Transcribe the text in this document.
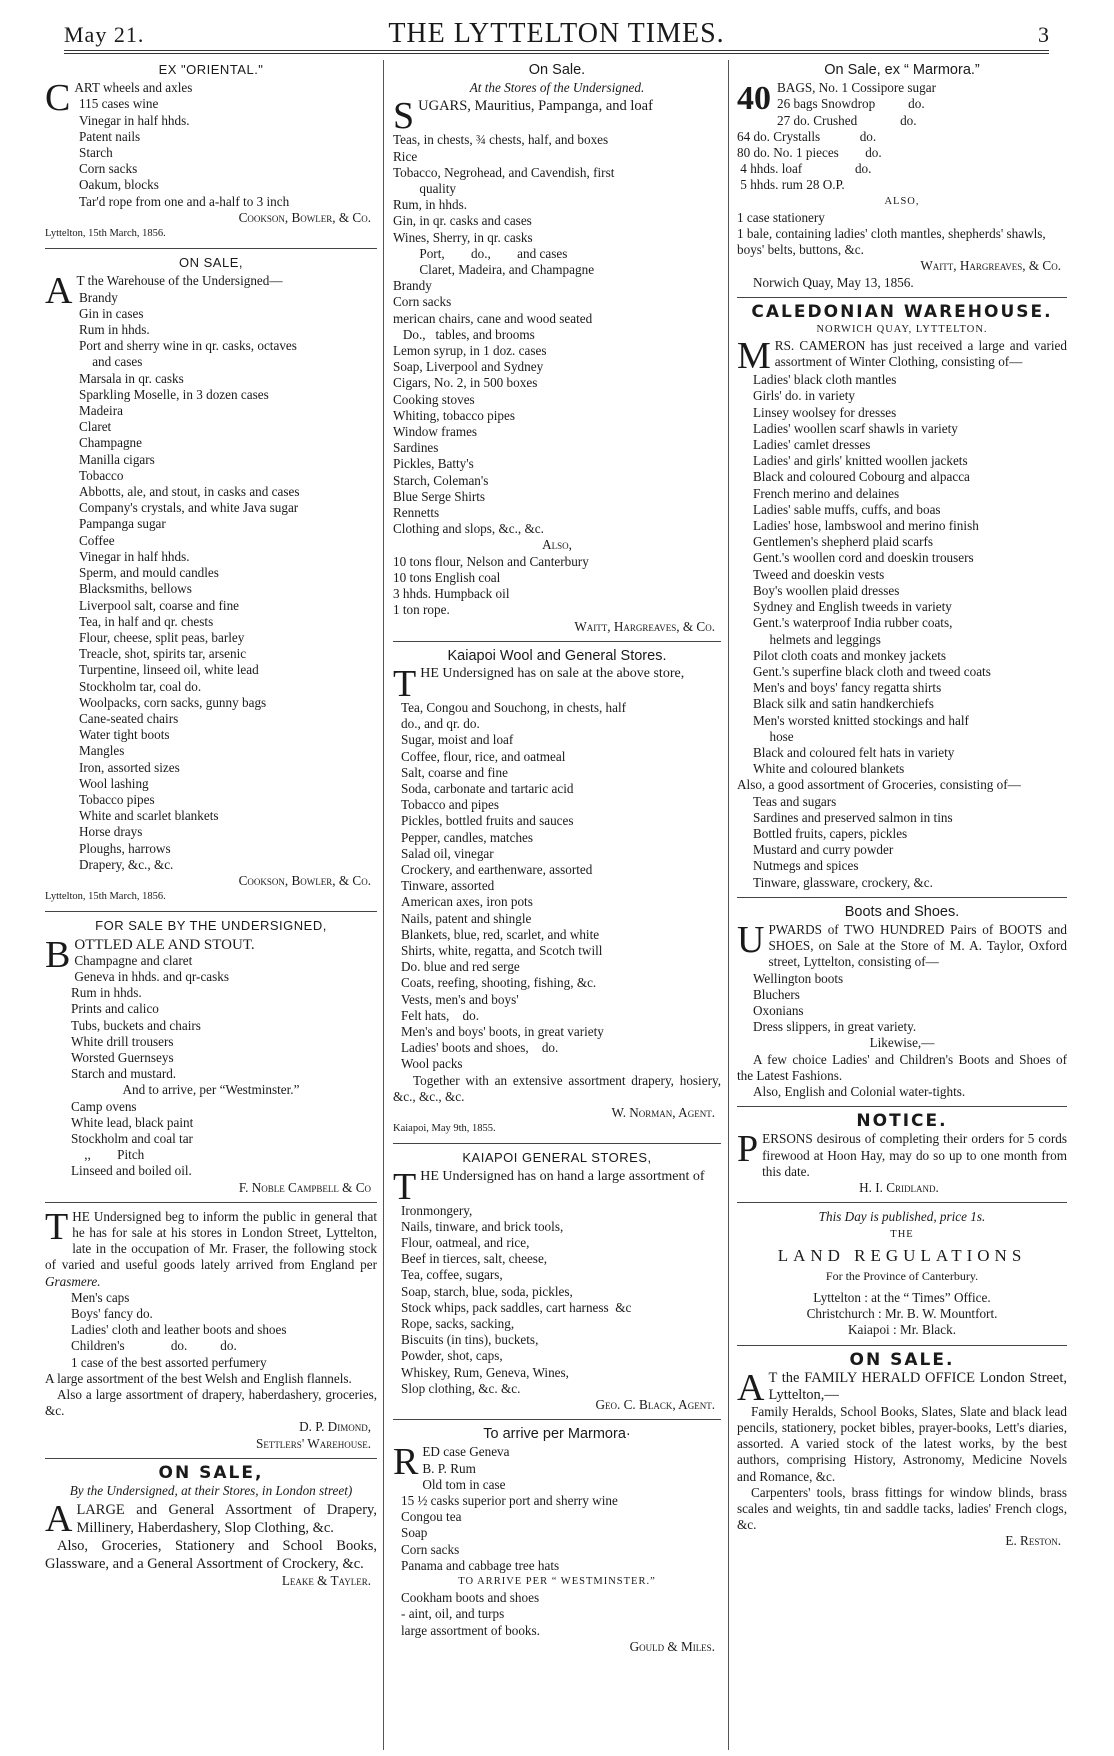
May 21.	THE LYTTELTON TIMES.	3
EX "ORIENTAL."
C ART wheels and axles
115 cases wine
Vinegar in half hhds.
Patent nails
Starch
Corn sacks
Oakum, blocks
Tar'd rope from one and a-half to 3 inch
Cookson, Bowler, & Co.
Lyttelton, 15th March, 1856.
ON SALE,
A T the Warehouse of the Undersigned—
Brandy
Gin in cases
Rum in hhds.
Port and sherry wine in qr. casks, octaves
and cases
Marsala in qr. casks
Sparkling Moselle, in 3 dozen cases
Madeira
Claret
Champagne
Manilla cigars
Tobacco
Abbotts, ale, and stout, in casks and cases
Company's crystals, and white Java sugar
Pampanga sugar
Coffee
Vinegar in half hhds.
Sperm, and mould candles
Blacksmiths, bellows
Liverpool salt, coarse and fine
Tea, in half and qr. chests
Flour, cheese, split peas, barley
Treacle, shot, spirits tar, arsenic
Turpentine, linseed oil, white lead
Stockholm tar, coal do.
Woolpacks, corn sacks, gunny bags
Cane-seated chairs
Water tight boots
Mangles
Iron, assorted sizes
Wool lashing
Tobacco pipes
White and scarlet blankets
Horse drays
Ploughs, harrows
Drapery, &c., &c.
Cookson, Bowler, & Co.
Lyttelton, 15th March, 1856.
FOR SALE BY THE UNDERSIGNED,
B OTTLED ALE AND STOUT.
Champagne and claret
Geneva in hhds. and qr-casks
Rum in hhds.
Prints and calico
Tubs, buckets and chairs
White drill trousers
Worsted Guernseys
Starch and mustard.
And to arrive, per “Westminster.”
Camp ovens
White lead, black paint
Stockholm and coal tar
,,        Pitch
Linseed and boiled oil.
F. Noble Campbell & Co

THE Undersigned beg to inform the public in general that he has for sale at his stores in London Street, Lyttelton, late in the occupation of Mr. Fraser, the following stock of varied and useful goods lately arrived from England per Grasmere.

Men's caps
Boys' fancy do.
Ladies' cloth and leather boots and shoes
Children's              do.          do.
1 case of the best assorted perfumery

A large assortment of the best Welsh and English flannels.

Also a large assortment of drapery, haberdashery, groceries, &c.

D. P. Dimond,
Settlers' Warehouse.
ON SALE,
By the Undersigned, at their Stores, in London street)

ALARGE and General Assortment of Drapery, Millinery, Haberdashery, Slop Clothing, &c.

Also, Groceries, Stationery and School Books, Glassware, and a General Assortment of Crockery, &c.

Leake & Tayler.
On Sale.
At the Stores of the Undersigned.

SUGARS, Mauritius, Pampanga, and loaf

Teas, in chests, ¾ chests, half, and boxes
Rice
Tobacco, Negrohead, and Cavendish, first
quality
Rum, in hhds.
Gin, in qr. casks and cases
Wines, Sherry, in qr. casks
Port,        do.,        and cases
Claret, Madeira, and Champagne
Brandy
Corn sacks
merican chairs, cane and wood seated
Do.,   tables, and brooms
Lemon syrup, in 1 doz. cases
Soap, Liverpool and Sydney
Cigars, No. 2, in 500 boxes
Cooking stoves
Whiting, tobacco pipes
Window frames
Sardines
Pickles, Batty's
Starch, Coleman's
Blue Serge Shirts
Rennetts
Clothing and slops, &c., &c.
Also,
10 tons flour, Nelson and Canterbury
10 tons English coal
3 hhds. Humpback oil
1 ton rope.
Waitt, Hargreaves, & Co.
Kaiapoi Wool and General Stores.

THE Undersigned has on sale at the above store,

Tea, Congou and Souchong, in chests, half
do., and qr. do.
Sugar, moist and loaf
Coffee, flour, rice, and oatmeal
Salt, coarse and fine
Soda, carbonate and tartaric acid
Tobacco and pipes
Pickles, bottled fruits and sauces
Pepper, candles, matches
Salad oil, vinegar
Crockery, and earthenware, assorted
Tinware, assorted
American axes, iron pots
Nails, patent and shingle
Blankets, blue, red, scarlet, and white
Shirts, white, regatta, and Scotch twill
Do. blue and red serge
Coats, reefing, shooting, fishing, &c.
Vests, men's and boys'
Felt hats,    do.
Men's and boys' boots, in great variety
Ladies' boots and shoes,    do.
Wool packs

Together with an extensive assortment drapery, hosiery, &c., &c., &c.

W. Norman, Agent.
Kaiapoi, May 9th, 1855.
KAIAPOI GENERAL STORES,

THE Undersigned has on hand a large assortment of

Ironmongery,
Nails, tinware, and brick tools,
Flour, oatmeal, and rice,
Beef in tierces, salt, cheese,
Tea, coffee, sugars,
Soap, starch, blue, soda, pickles,
Stock whips, pack saddles, cart harness  &c
Rope, sacks, sacking,
Biscuits (in tins), buckets,
Powder, shot, caps,
Whiskey, Rum, Geneva, Wines,
Slop clothing, &c. &c.
Geo. C. Black, Agent.
To arrive per Marmora·
R ED case Geneva
B. P. Rum
Old tom in case
15 ½ casks superior port and sherry wine
Congou tea
Soap
Corn sacks
Panama and cabbage tree hats
TO ARRIVE PER “ WESTMINSTER.”
Cookham boots and shoes
- aint, oil, and turps
large assortment of books.
Gould & Miles.
On Sale, ex “ Marmora.”
40 BAGS, No. 1 Cossipore sugar
26 bags Snowdrop          do.
27 do. Crushed             do.
64 do. Crystalls            do.
80 do. No. 1 pieces        do.
4 hhds. loaf                do.
5 hhds. rum 28 O.P.
ALSO,
1 case stationery
1 bale, containing ladies' cloth mantles, shepherds' shawls, boys' belts, buttons, &c.
Waitt, Hargreaves, & Co.
Norwich Quay, May 13, 1856.
CALEDONIAN WAREHOUSE.
NORWICH QUAY, LYTTELTON.

MRS. CAMERON has just received a large and varied assortment of Winter Clothing, consisting of—

Ladies' black cloth mantles
Girls' do. in variety
Linsey woolsey for dresses
Ladies' woollen scarf shawls in variety
Ladies' camlet dresses
Ladies' and girls' knitted woollen jackets
Black and coloured Cobourg and alpacca
French merino and delaines
Ladies' sable muffs, cuffs, and boas
Ladies' hose, lambswool and merino finish
Gentlemen's shepherd plaid scarfs
Gent.'s woollen cord and doeskin trousers
Tweed and doeskin vests
Boy's woollen plaid dresses
Sydney and English tweeds in variety
Gent.'s waterproof India rubber coats,
helmets and leggings
Pilot cloth coats and monkey jackets
Gent.'s superfine black cloth and tweed coats
Men's and boys' fancy regatta shirts
Black silk and satin handkerchiefs
Men's worsted knitted stockings and half
hose
Black and coloured felt hats in variety
White and coloured blankets
Also, a good assortment of Groceries, consisting of—
Teas and sugars
Sardines and preserved salmon in tins
Bottled fruits, capers, pickles
Mustard and curry powder
Nutmegs and spices
Tinware, glassware, crockery, &c.
Boots and Shoes.

UPWARDS of TWO HUNDRED Pairs of BOOTS and SHOES, on Sale at the Store of M. A. Taylor, Oxford street, Lyttelton, consisting of—

Wellington boots
Bluchers
Oxonians
Dress slippers, in great variety.
Likewise,—

A few choice Ladies' and Children's Boots and Shoes of the Latest Fashions.

Also, English and Colonial water-tights.

NOTICE.

PERSONS desirous of completing their orders for 5 cords firewood at Hoon Hay, may do so up to one month from this date.

H. I. Cridland.
This Day is published, price 1s.
THE
LAND REGULATIONS
For the Province of Canterbury.
Lyttelton : at the “ Times” Office.
Christchurch : Mr. B. W. Mountfort.
Kaiapoi : Mr. Black.
ON SALE.

A T the FAMILY HERALD OFFICE London Street, Lyttelton,—

Family Heralds, School Books, Slates, Slate and black lead pencils, stationery, pocket bibles, prayer-books, Lett's diaries, assorted. A varied stock of the latest works, by the best authors, comprising History, Astronomy, Medicine Novels and Romance, &c.

Carpenters' tools, brass fittings for window blinds, brass scales and weights, tin and saddle tacks, ladies' French clogs, &c.

E. Reston.
